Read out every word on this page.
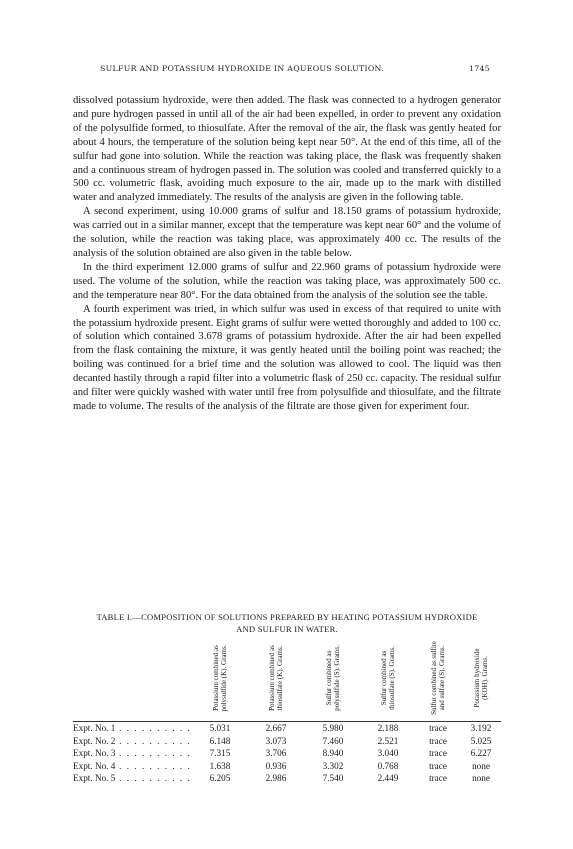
SULFUR AND POTASSIUM HYDROXIDE IN AQUEOUS SOLUTION.	1745

dissolved potassium hydroxide, were then added. The flask was connected to a hydrogen generator and pure hydrogen passed in until all of the air had been expelled, in order to prevent any oxidation of the polysulfide formed, to thiosulfate. After the removal of the air, the flask was gently heated for about 4 hours, the temperature of the solution being kept near 50°. At the end of this time, all of the sulfur had gone into solution. While the reaction was taking place, the flask was frequently shaken and a continuous stream of hydrogen passed in. The solution was cooled and transferred quickly to a 500 cc. volumetric flask, avoiding much exposure to the air, made up to the mark with distilled water and analyzed immediately. The results of the analysis are given in the following table.

A second experiment, using 10.000 grams of sulfur and 18.150 grams of potassium hydroxide, was carried out in a similar manner, except that the temperature was kept near 60° and the volume of the solution, while the reaction was taking place, was approximately 400 cc. The results of the analysis of the solution obtained are also given in the table below.

In the third experiment 12.000 grams of sulfur and 22.960 grams of potassium hydroxide were used. The volume of the solution, while the reaction was taking place, was approximately 500 cc. and the temperature near 80°. For the data obtained from the analysis of the solution see the table.

A fourth experiment was tried, in which sulfur was used in excess of that required to unite with the potassium hydroxide present. Eight grams of sulfur were wetted thoroughly and added to 100 cc. of solution which contained 3.678 grams of potassium hydroxide. After the air had been expelled from the flask containing the mixture, it was gently heated until the boiling point was reached; the boiling was continued for a brief time and the solution was allowed to cool. The liquid was then decanted hastily through a rapid filter into a volumetric flask of 250 cc. capacity. The residual sulfur and filter were quickly washed with water until free from polysulfide and thiosulfate, and the filtrate made to volume. The results of the analysis of the filtrate are those given for experiment four.

TABLE I.—COMPOSITION OF SOLUTIONS PREPARED BY HEATING POTASSIUM HYDROXIDE
AND SULFUR IN WATER.
Potassium combined as polysulfide (K). Grams.	Potassium combined as thiosulfate (K). Grams.	Sulfur combined as polysulfide (S). Grams.	Sulfur combined as thiosulfate (S). Grams.	Sulfur combined as sulfite and sulfate (S). Grams.	Potassium hydroxide (KOH). Grams.
Expt. No. 1 . . . . . . . . . .	5.031	2.667	5.980	2.188	trace	3.192
Expt. No. 2 . . . . . . . . . .	6.148	3.073	7.460	2.521	trace	5.025
Expt. No. 3 . . . . . . . . . .	7.315	3.706	8.940	3.040	trace	6.227
Expt. No. 4 . . . . . . . . . .	1.638	0.936	3.302	0.768	trace	none
Expt. No. 5 . . . . . . . . . .	6.205	2.986	7.540	2.449	trace	none
